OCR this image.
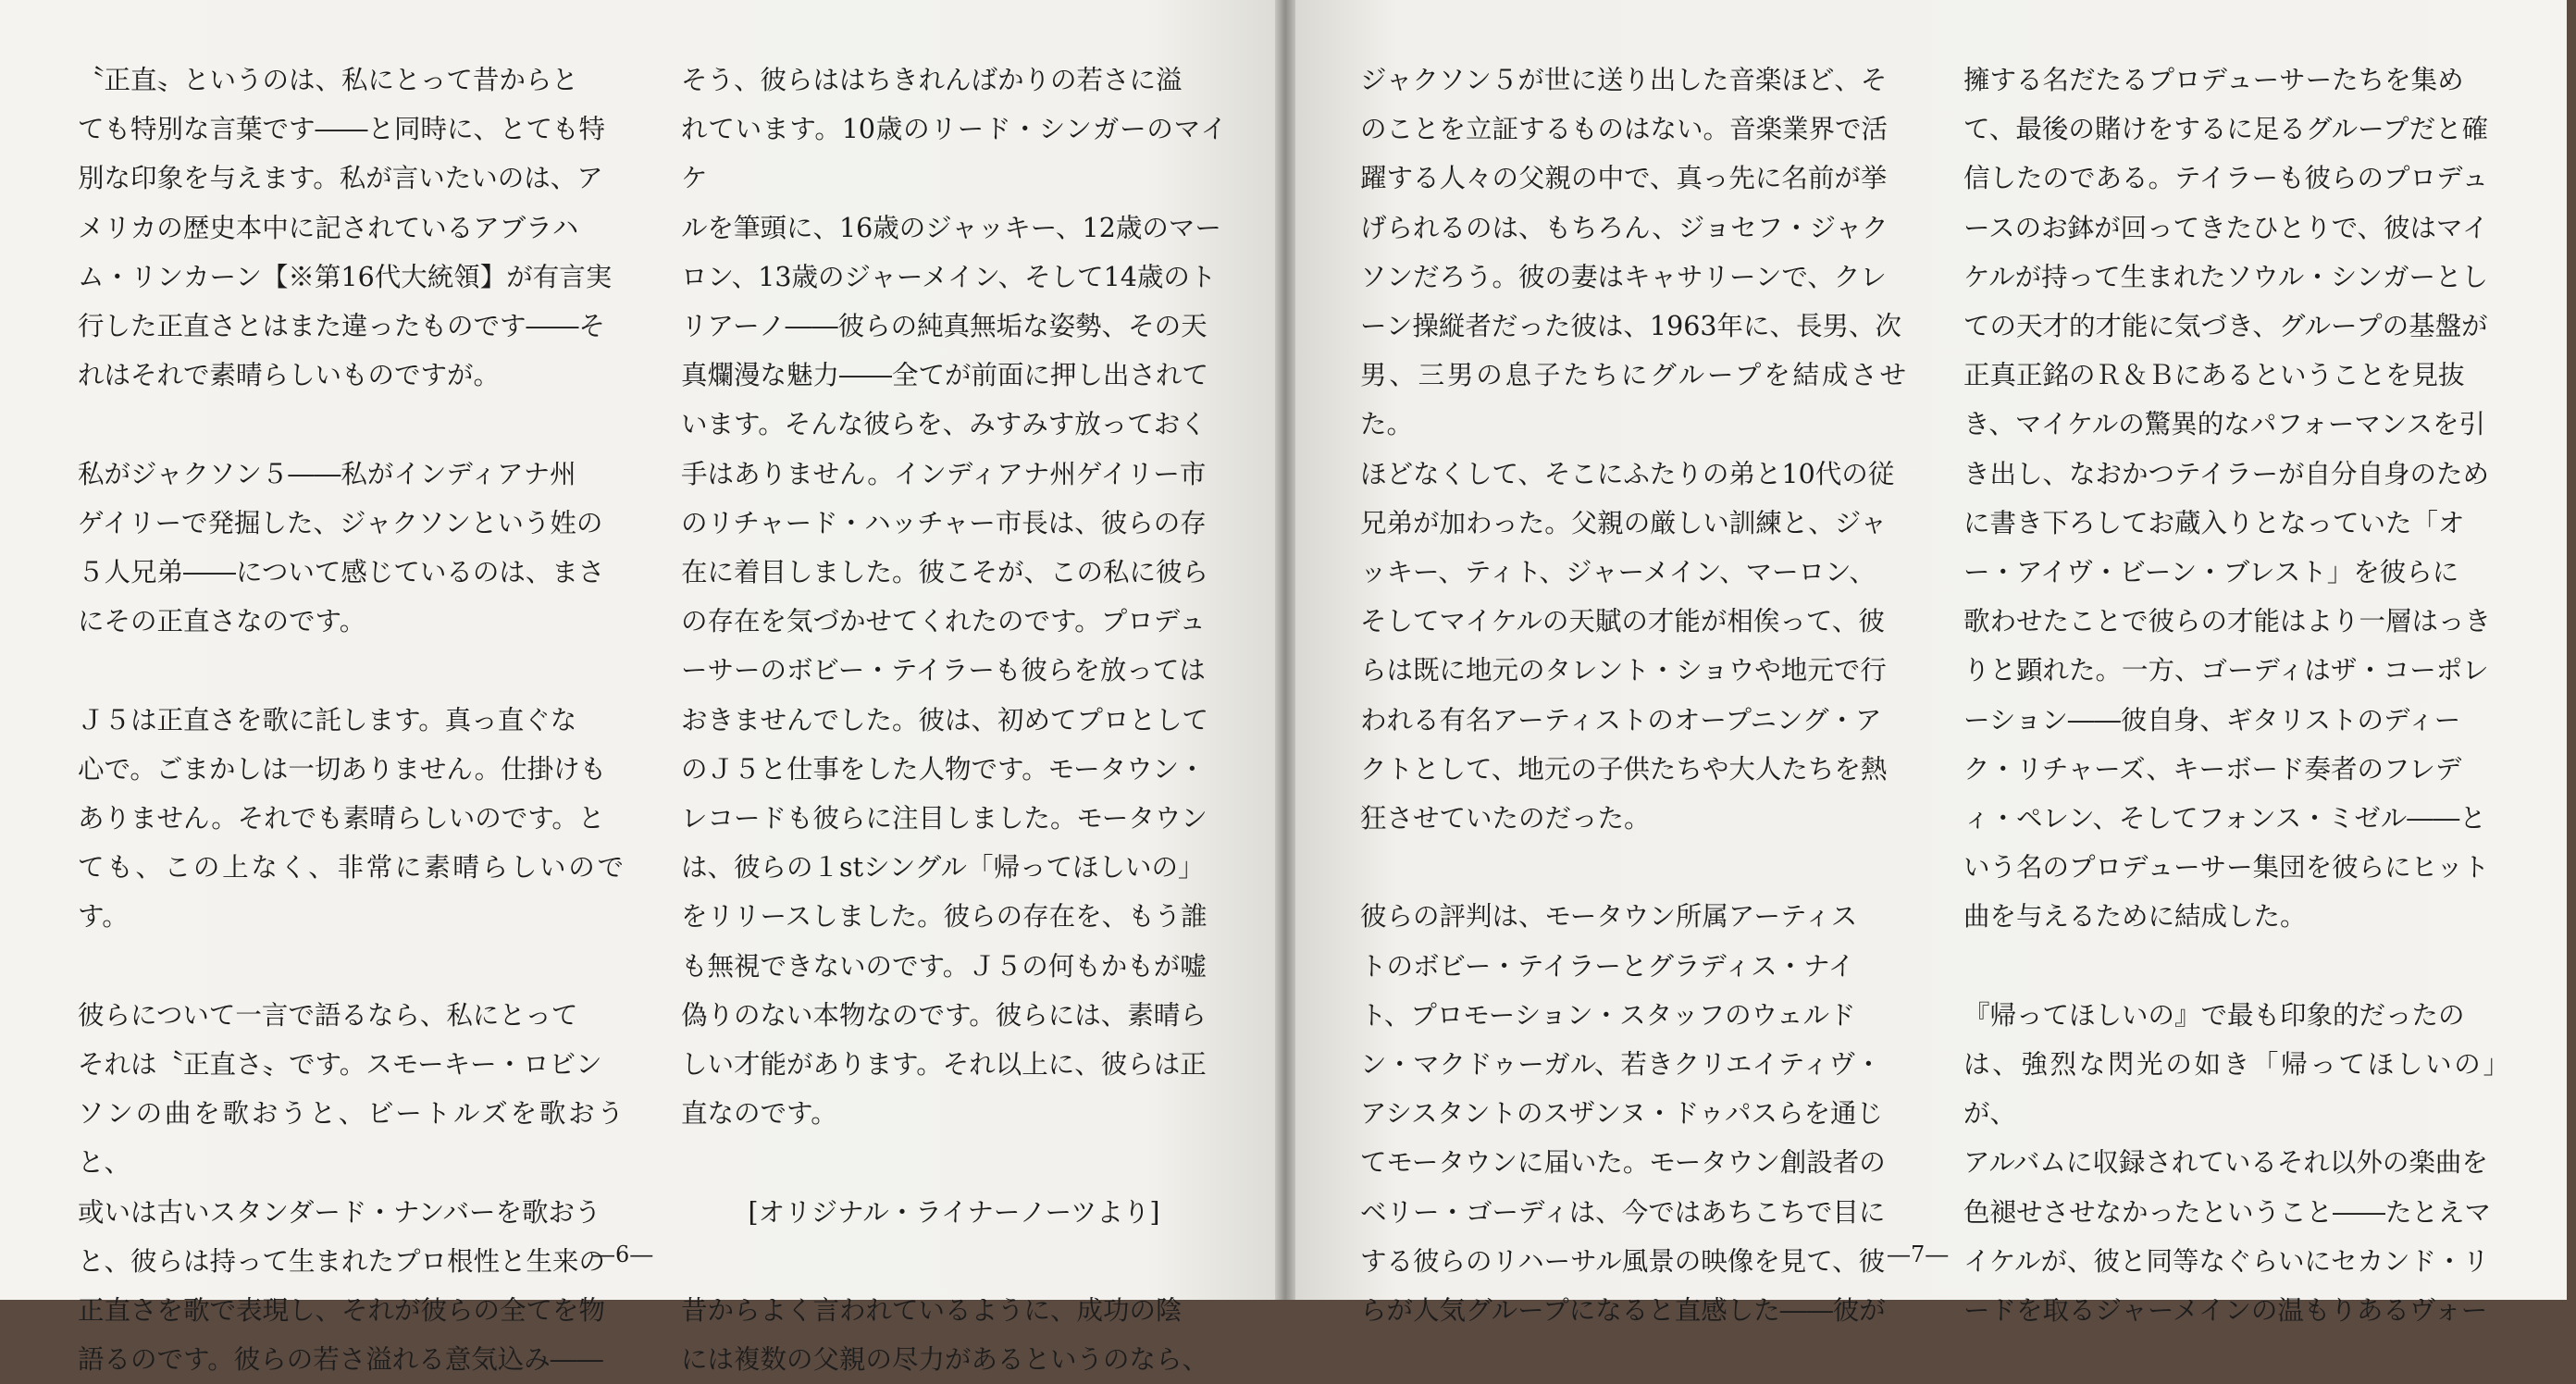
〝正直〟というのは、私にとって昔からと
ても特別な言葉です――と同時に、とても特
別な印象を与えます。私が言いたいのは、ア
メリカの歴史本中に記されているアブラハ
ム・リンカーン【※第16代大統領】が有言実
行した正直さとはまた違ったものです――そ
れはそれで素晴らしいものですが。

私がジャクソン５――私がインディアナ州
ゲイリーで発掘した、ジャクソンという姓の
５人兄弟――について感じているのは、まさ
にその正直さなのです。

Ｊ５は正直さを歌に託します。真っ直ぐな
心で。ごまかしは一切ありません。仕掛けも
ありません。それでも素晴らしいのです。と
ても、この上なく、非常に素晴らしいのです。

彼らについて一言で語るなら、私にとって
それは〝正直さ〟です。スモーキー・ロビン
ソンの曲を歌おうと、ビートルズを歌おうと、
或いは古いスタンダード・ナンバーを歌おう
と、彼らは持って生まれたプロ根性と生来の
正直さを歌で表現し、それが彼らの全てを物
語るのです。彼らの若さ溢れる意気込み――

そう、彼らははちきれんばかりの若さに溢
れています。10歳のリード・シンガーのマイケ
ルを筆頭に、16歳のジャッキー、12歳のマー
ロン、13歳のジャーメイン、そして14歳のト
リアーノ――彼らの純真無垢な姿勢、その天
真爛漫な魅力――全てが前面に押し出されて
います。そんな彼らを、みすみす放っておく
手はありません。インディアナ州ゲイリー市
のリチャード・ハッチャー市長は、彼らの存
在に着目しました。彼こそが、この私に彼ら
の存在を気づかせてくれたのです。プロデュ
ーサーのボビー・テイラーも彼らを放っては
おきませんでした。彼は、初めてプロとして
のＪ５と仕事をした人物です。モータウン・
レコードも彼らに注目しました。モータウン
は、彼らの１stシングル「帰ってほしいの」
をリリースしました。彼らの存在を、もう誰
も無視できないのです。Ｊ５の何もかもが嘘
偽りのない本物なのです。彼らには、素晴ら
しい才能があります。それ以上に、彼らは正
直なのです。

[オリジナル・ライナーノーツより]

昔からよく言われているように、成功の陰
には複数の父親の尽力があるというのなら、

―6―

ジャクソン５が世に送り出した音楽ほど、そ
のことを立証するものはない。音楽業界で活
躍する人々の父親の中で、真っ先に名前が挙
げられるのは、もちろん、ジョセフ・ジャク
ソンだろう。彼の妻はキャサリーンで、クレ
ーン操縦者だった彼は、1963年に、長男、次
男、三男の息子たちにグループを結成させた。
ほどなくして、そこにふたりの弟と10代の従
兄弟が加わった。父親の厳しい訓練と、ジャ
ッキー、ティト、ジャーメイン、マーロン、
そしてマイケルの天賦の才能が相俟って、彼
らは既に地元のタレント・ショウや地元で行
われる有名アーティストのオープニング・ア
クトとして、地元の子供たちや大人たちを熱
狂させていたのだった。

彼らの評判は、モータウン所属アーティス
トのボビー・テイラーとグラディス・ナイ
ト、プロモーション・スタッフのウェルド
ン・マクドゥーガル、若きクリエイティヴ・
アシスタントのスザンヌ・ドゥパスらを通じ
てモータウンに届いた。モータウン創設者の
ベリー・ゴーディは、今ではあちこちで目に
する彼らのリハーサル風景の映像を見て、彼
らが人気グループになると直感した――彼が

擁する名だたるプロデューサーたちを集め
て、最後の賭けをするに足るグループだと確
信したのである。テイラーも彼らのプロデュ
ースのお鉢が回ってきたひとりで、彼はマイ
ケルが持って生まれたソウル・シンガーとし
ての天才的才能に気づき、グループの基盤が
正真正銘のＲ＆Ｂにあるということを見抜
き、マイケルの驚異的なパフォーマンスを引
き出し、なおかつテイラーが自分自身のため
に書き下ろしてお蔵入りとなっていた「オ
ー・アイヴ・ビーン・ブレスト」を彼らに
歌わせたことで彼らの才能はより一層はっき
りと顕れた。一方、ゴーディはザ・コーポレ
ーション――彼自身、ギタリストのディー
ク・リチャーズ、キーボード奏者のフレデ
ィ・ペレン、そしてフォンス・ミゼル――と
いう名のプロデューサー集団を彼らにヒット
曲を与えるために結成した。

『帰ってほしいの』で最も印象的だったの
は、強烈な閃光の如き「帰ってほしいの」が、
アルバムに収録されているそれ以外の楽曲を
色褪せさせなかったということ――たとえマ
イケルが、彼と同等なぐらいにセカンド・リ
ードを取るジャーメインの温もりあるヴォー

―7―
